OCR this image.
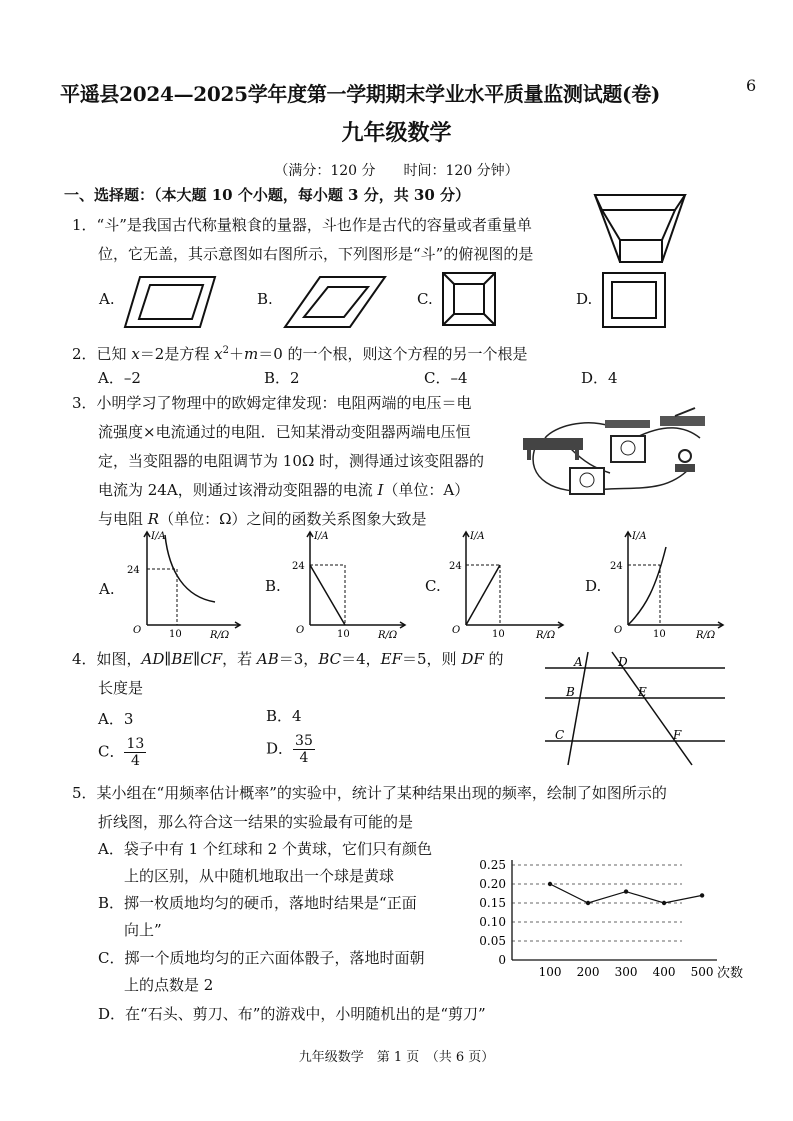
平遥县2024—2025学年度第一学期期末学业水平质量监测试题(卷)	6
九年级数学
（满分：120 分　　时间：120 分钟）
一、选择题：（本大题 10 个小题，每小题 3 分，共 30 分）
1．“斗”是我国古代称量粮食的量器，斗也作是古代的容量或者重量单
位，它无盖，其示意图如右图所示，下列图形是“斗”的俯视图的是
A.	B.	C.	D.
2．已知 x＝2是方程 $x^2+m=0$ 的一个根，则这个方程的另一个根是
A．–2	B．2	C．–4	D．4
3．小明学习了物理中的欧姆定律发现：电阻两端的电压＝电
流强度×电流通过的电阻．已知某滑动变阻器两端电压恒
定，当变阻器的电阻调节为 10Ω 时，测得通过该变阻器的
电流为 24A，则通过该滑动变阻器的电流 I（单位：A）
与电阻 R（单位：Ω）之间的函数关系图象大致是
A.	B.	C.	D.
I/A
24
10	R/Ω
O
I/A
24
10	R/Ω
O
I/A
24
10	R/Ω
O
I/A
24
10	R/Ω
O
4．如图，AD∥BE∥CF，若 AB＝3，BC＝4，EF＝5，则 DF 的
长度是
A．3	B．4
C． $\frac{13}{4}$	D． $\frac{35}{4}$
A	D
B	E
C	F
5．某小组在“用频率估计概率”的实验中，统计了某种结果出现的频率，绘制了如图所示的
折线图，那么符合这一结果的实验最有可能的是
A．袋子中有 1 个红球和 2 个黄球，它们只有颜色
上的区别，从中随机地取出一个球是黄球
B．掷一枚质地均匀的硬币，落地时结果是“正面
向上”
C．掷一个质地均匀的正六面体骰子，落地时面朝
上的点数是 2
D．在“石头、剪刀、布”的游戏中，小明随机出的是“剪刀”
0
0.05
0.10
0.15
0.20
0.25
100 200 300 400 500 次数
九年级数学　第 1 页　（共 6 页）
